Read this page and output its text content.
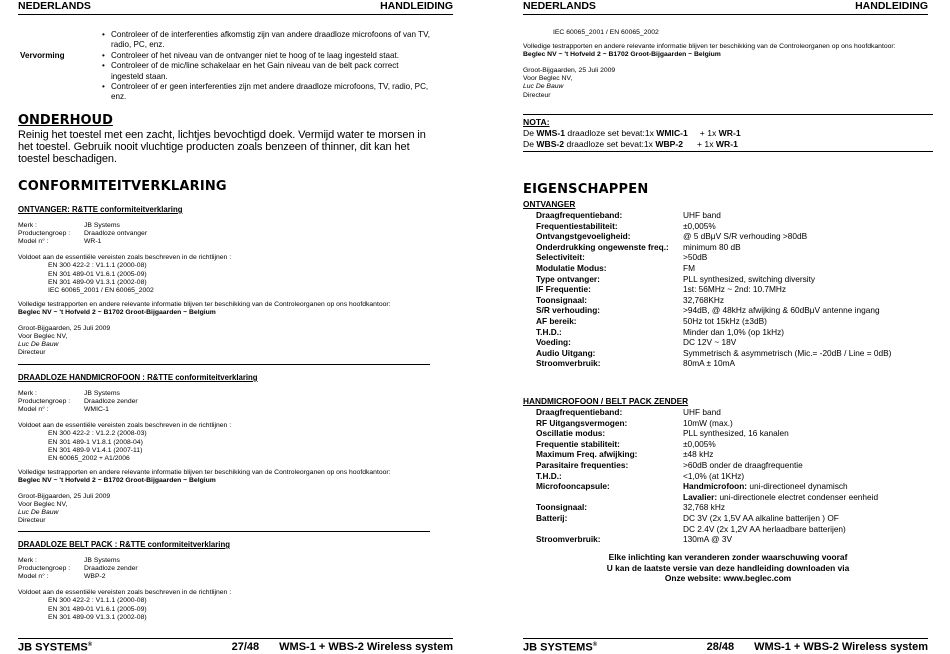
NEDERLANDS	HANDLEIDING
Vervorming
• Controleer of de interferenties afkomstig zijn van andere draadloze microfoons of van TV, radio, PC, enz.
• Controleer of het niveau van de ontvanger niet te hoog of te laag ingesteld staat.
• Controleer of de mic/line schakelaar en het Gain niveau van de belt pack correct ingesteld staan.
• Controleer of er geen interferenties zijn met andere draadloze microfoons, TV, radio, PC, enz.
ONDERHOUD
Reinig het toestel met een zacht, lichtjes bevochtigd doek. Vermijd water te morsen in het toestel. Gebruik nooit vluchtige producten zoals benzeen of thinner, dit kan het toestel beschadigen.
CONFORMITEITVERKLARING
ONTVANGER: R&TTE conformiteitverklaring
Merk :	JB Systems
Productengroep :	Draadloze ontvanger
Model n° :	WR-1
Voldoet aan de essentiële vereisten zoals beschreven in de richtlijnen :
EN 300 422-2 : V1.1.1 (2000-08)
EN 301 489-01 V1.6.1 (2005-09)
EN 301 489-09 V1.3.1 (2002-08)
IEC 60065_2001 / EN 60065_2002
Volledige testrapporten en andere relevante informatie blijven ter beschikking van de Controleorganen op ons hoofdkantoor:
Beglec NV ~ 't Hofveld 2 ~ B1702 Groot-Bijgaarden ~ Belgium
Groot-Bijgaarden, 25 Juli 2009
Voor Beglec NV,
Luc De Bauw
Directeur
DRAADLOZE HANDMICROFOON : R&TTE conformiteitverklaring
Merk :	JB Systems
Productengroep :	Draadloze zender
Model n° :	WMIC-1
Voldoet aan de essentiële vereisten zoals beschreven in de richtlijnen :
EN 300 422-2 : V1.2.2 (2008-03)
EN 301 489-1 V1.8.1 (2008-04)
EN 301 489-9 V1.4.1 (2007-11)
EN 60065_2002 + A1/2006
Volledige testrapporten en andere relevante informatie blijven ter beschikking van de Controleorganen op ons hoofdkantoor:
Beglec NV ~ 't Hofveld 2 ~ B1702 Groot-Bijgaarden ~ Belgium
Groot-Bijgaarden, 25 Juli 2009
Voor Beglec NV,
Luc De Bauw
Directeur
DRAADLOZE BELT PACK : R&TTE conformiteitverklaring
Merk :	JB Systems
Productengroep :	Draadloze zender
Model n° :	WBP-2
Voldoet aan de essentiële vereisten zoals beschreven in de richtlijnen :
EN 300 422-2 : V1.1.1 (2000-08)
EN 301 489-01 V1.6.1 (2005-09)
EN 301 489-09 V1.3.1 (2002-08)
JB SYSTEMS®	27/48 WMS-1 + WBS-2 Wireless system
NEDERLANDS	HANDLEIDING
IEC 60065_2001 / EN 60065_2002
Volledige testrapporten en andere relevante informatie blijven ter beschikking van de Controleorganen op ons hoofdkantoor:
Beglec NV ~ 't Hofveld 2 ~ B1702 Groot-Bijgaarden ~ Belgium
Groot-Bijgaarden, 25 Juli 2009
Voor Beglec NV,
Luc De Bauw
Directeur
NOTA:
De WMS-1 draadloze set bevat:1x WMIC-1 + 1x WR-1
De WBS-2 draadloze set bevat:1x WBP-2 + 1x WR-1
EIGENSCHAPPEN
ONTVANGER
Draagfrequentieband:	UHF band
Frequentiestabiliteit:	±0,005%
Ontvangstgevoeligheid:	@ 5 dBμV S/R verhouding >80dB
Onderdrukking ongewenste freq.:	minimum 80 dB
Selectiviteit:	>50dB
Modulatie Modus:	FM
Type ontvanger:	PLL synthesized, switching diversity
IF Frequentie:	1st: 56MHz ~ 2nd: 10.7MHz
Toonsignaal:	32,768KHz
S/R verhouding:	>94dB, @ 48kHz afwijking & 60dBμV antenne ingang
AF bereik:	50Hz tot 15kHz (±3dB)
T.H.D.:	Minder dan 1,0% (op 1kHz)
Voeding:	DC 12V ~ 18V
Audio Uitgang:	Symmetrisch & asymmetrisch (Mic.= -20dB / Line = 0dB)
Stroomverbruik:	80mA ± 10mA
HANDMICROFOON / BELT PACK ZENDER
Draagfrequentieband:	UHF band
RF Uitgangsvermogen:	10mW (max.)
Oscillatie modus:	PLL synthesized, 16 kanalen
Frequentie stabiliteit:	±0,005%
Maximum Freq. afwijking:	±48 kHz
Parasitaire frequenties:	>60dB onder de draagfrequentie
T.H.D.:	<1,0% (at 1KHz)
Microfooncapsule:	Handmicrofoon: uni-directioneel dynamisch
Lavalier: uni-directionele electret condenser eenheid
Toonsignaal:	32,768 kHz
Batterij:	DC 3V (2x 1,5V AA alkaline batterijen ) OF
DC 2.4V (2x 1,2V AA herlaadbare batterijen)
Stroomverbruik:	130mA @ 3V
Elke inlichting kan veranderen zonder waarschuwing vooraf
U kan de laatste versie van deze handleiding downloaden via
Onze website: www.beglec.com
JB SYSTEMS®	28/48 WMS-1 + WBS-2 Wireless system
